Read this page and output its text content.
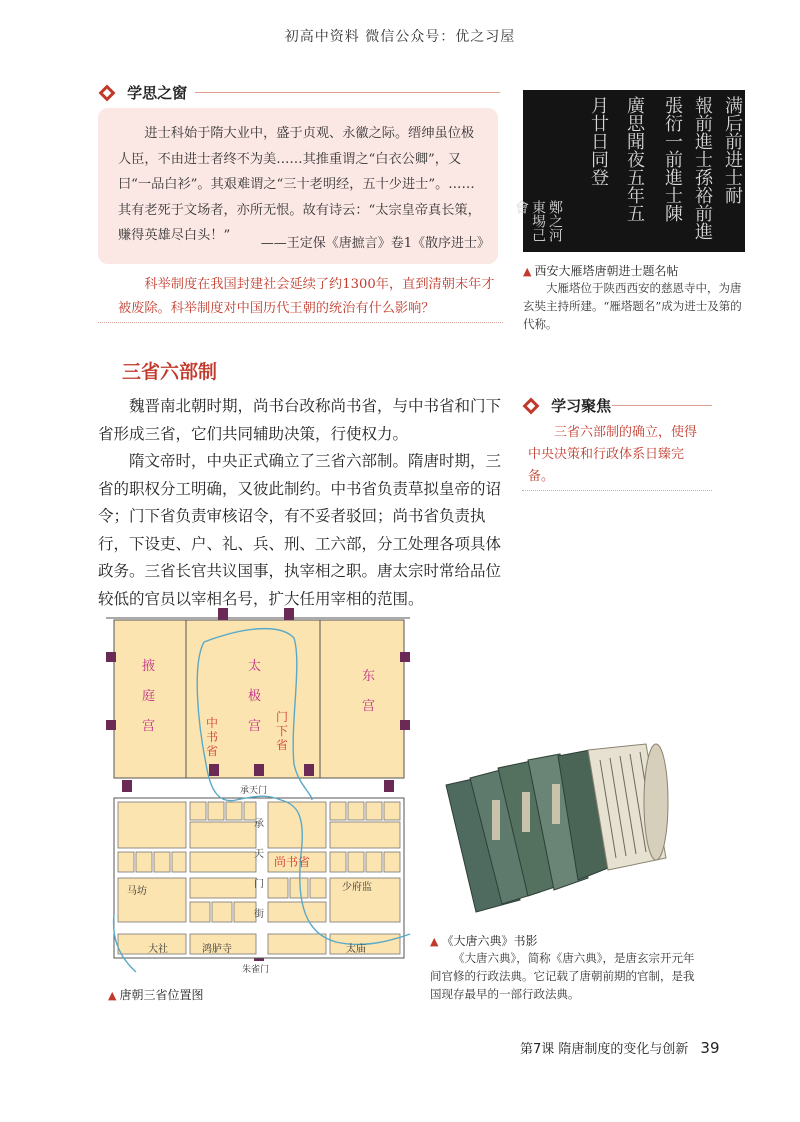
初高中资料 微信公众号：优之习屋
学思之窗
进士科始于隋大业中，盛于贞观、永徽之际。缙绅虽位极人臣，不由进士者终不为美……其推重谓之“白衣公卿”，又曰“一品白衫”。其艰难谓之“三十老明经，五十少进士”。……其有老死于文场者，亦所无恨。故有诗云：“太宗皇帝真长策，赚得英雄尽白头！”
——王定保《唐摭言》卷1《散序进士》
科举制度在我国封建社会延续了约1300年，直到清朝末年才被废除。科举制度对中国历代王朝的统治有什么影响？
满后前进士耐
報前進士孫裕前進
張衍一前進士陳
廣思聞夜五年五
月廿日同登
鄭之河東埸己會
▲ 西安大雁塔唐朝进士题名帖
大雁塔位于陕西西安的慈恩寺中，为唐玄奘主持所建。“雁塔题名”成为进士及第的代称。
三省六部制
魏晋南北朝时期，尚书台改称尚书省，与中书省和门下省形成三省，它们共同辅助决策，行使权力。
隋文帝时，中央正式确立了三省六部制。隋唐时期，三省的职权分工明确，又彼此制约。中书省负责草拟皇帝的诏令；门下省负责审核诏令，有不妥者驳回；尚书省负责执行，下设吏、户、礼、兵、刑、工六部，分工处理各项具体政务。三省长官共议国事，执宰相之职。唐太宗时常给品位较低的官员以宰相名号，扩大任用宰相的范围。
学习聚焦
三省六部制的确立，使得中央决策和行政体系日臻完备。
掖庭宫
太极宫
东宫
中书省
门下省
承天门
承天门街
尚书省
马坊	少府监
大社	鸿胪寺	太庙
朱雀门
▲ 唐朝三省位置图
▲ 《大唐六典》书影
《大唐六典》，简称《唐六典》，是唐玄宗开元年间官修的行政法典。它记载了唐朝前期的官制，是我国现存最早的一部行政法典。
第7课 隋唐制度的变化与创新 39
